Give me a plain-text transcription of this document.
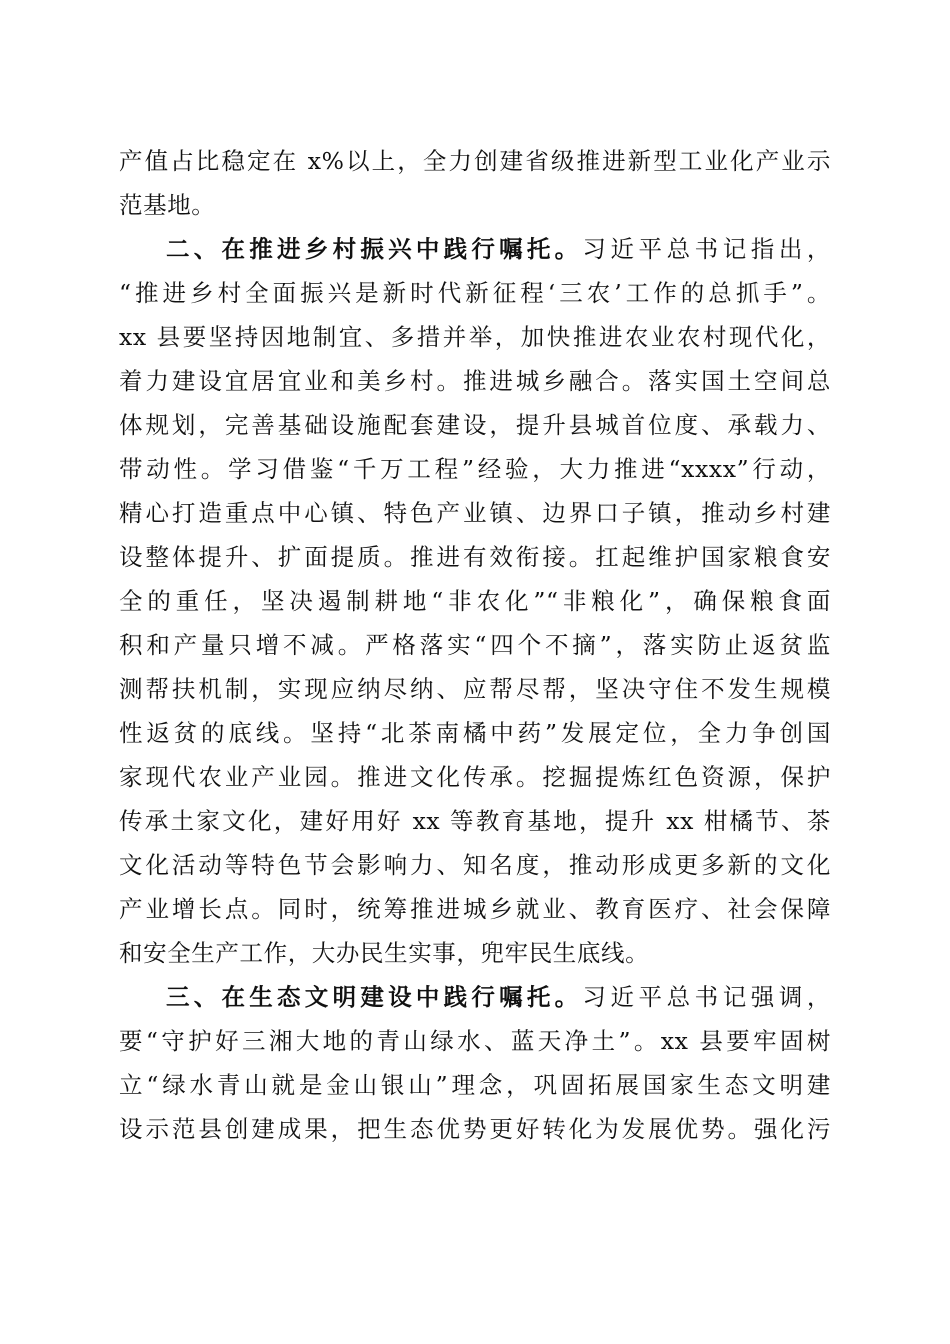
产值占比稳定在 x%以上，全力创建省级推进新型工业化产业示
范基地。
二、在推进乡村振兴中践行嘱托。习近平总书记指出，
“推进乡村全面振兴是新时代新征程‘三农’工作的总抓手”。
xx 县要坚持因地制宜、多措并举，加快推进农业农村现代化，
着力建设宜居宜业和美乡村。推进城乡融合。落实国土空间总
体规划，完善基础设施配套建设，提升县城首位度、承载力、
带动性。学习借鉴“千万工程”经验，大力推进“xxxx”行动，
精心打造重点中心镇、特色产业镇、边界口子镇，推动乡村建
设整体提升、扩面提质。推进有效衔接。扛起维护国家粮食安
全的重任，坚决遏制耕地“非农化”“非粮化”，确保粮食面
积和产量只增不减。严格落实“四个不摘”，落实防止返贫监
测帮扶机制，实现应纳尽纳、应帮尽帮，坚决守住不发生规模
性返贫的底线。坚持“北茶南橘中药”发展定位，全力争创国
家现代农业产业园。推进文化传承。挖掘提炼红色资源，保护
传承土家文化，建好用好 xx 等教育基地，提升 xx 柑橘节、茶
文化活动等特色节会影响力、知名度，推动形成更多新的文化
产业增长点。同时，统筹推进城乡就业、教育医疗、社会保障
和安全生产工作，大办民生实事，兜牢民生底线。
三、在生态文明建设中践行嘱托。习近平总书记强调，
要“守护好三湘大地的青山绿水、蓝天净土”。xx 县要牢固树
立“绿水青山就是金山银山”理念，巩固拓展国家生态文明建
设示范县创建成果，把生态优势更好转化为发展优势。强化污
